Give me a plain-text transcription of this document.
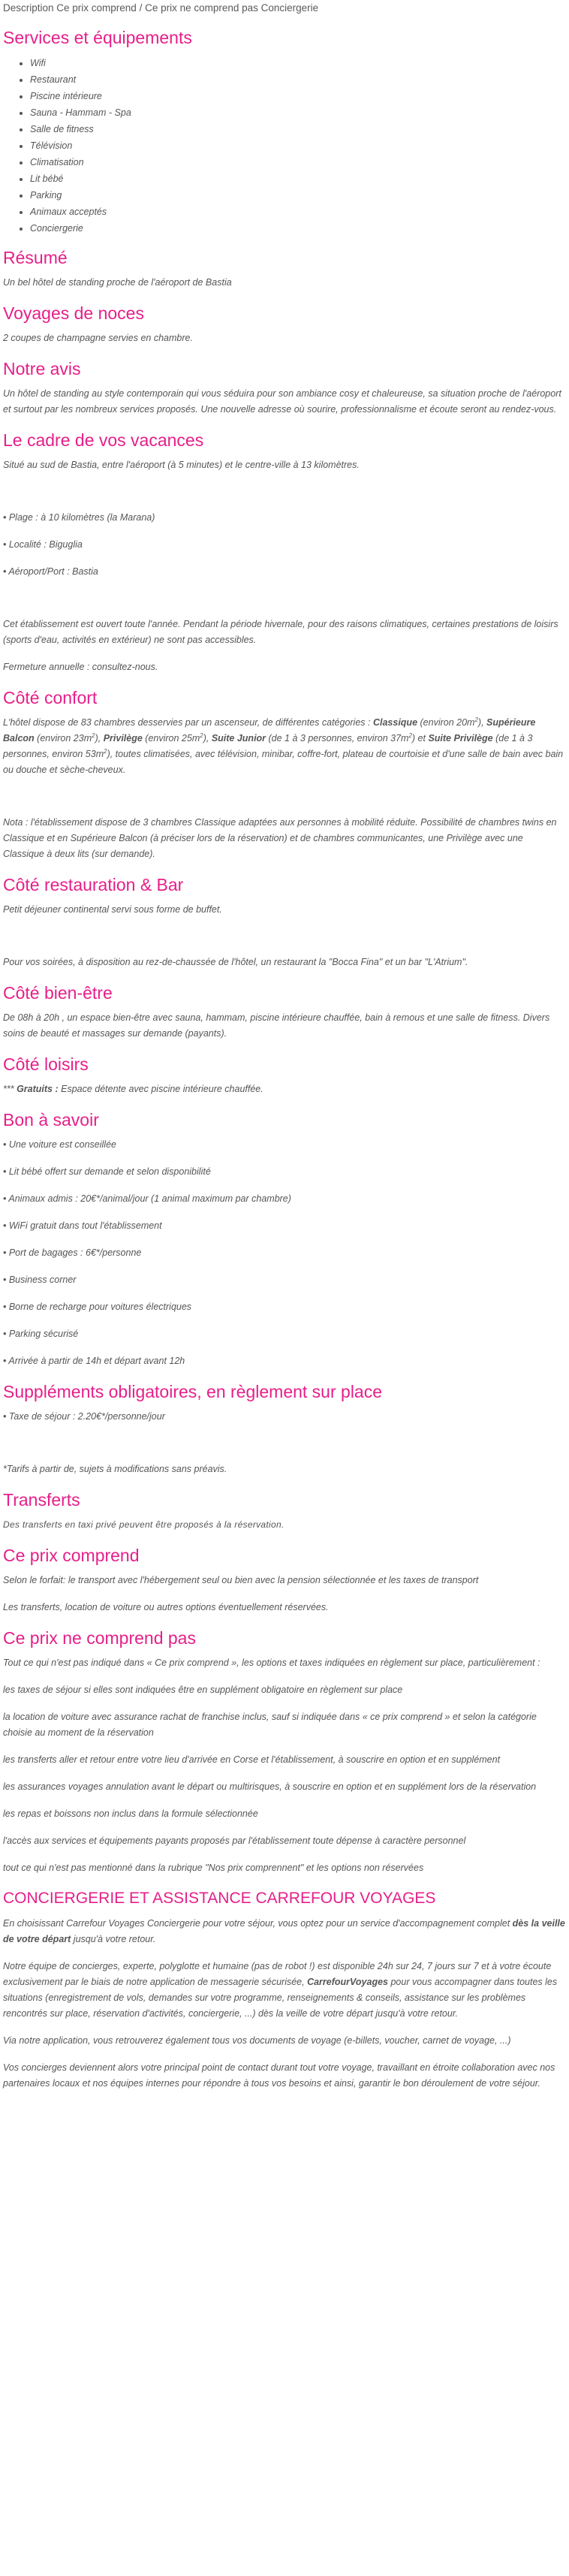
Description Ce prix comprend / Ce prix ne comprend pas Conciergerie
Services et équipements
• Wifi
• Restaurant
• Piscine intérieure
• Sauna - Hammam - Spa
• Salle de fitness
• Télévision
• Climatisation
• Lit bébé
• Parking
• Animaux acceptés
• Conciergerie
Résumé

Un bel hôtel de standing proche de l'aéroport de Bastia

Voyages de noces

2 coupes de champagne servies en chambre.

Notre avis

Un hôtel de standing au style contemporain qui vous séduira pour son ambiance cosy et chaleureuse, sa situation proche de l'aéroport et surtout par les nombreux services proposés. Une nouvelle adresse où sourire, professionnalisme et écoute seront au rendez-vous.

Le cadre de vos vacances

Situé au sud de Bastia, entre l'aéroport (à 5 minutes) et le centre-ville à 13 kilomètres.

• Plage : à 10 kilomètres (la Marana)

• Localité : Biguglia

• Aéroport/Port : Bastia

Cet établissement est ouvert toute l'année. Pendant la période hivernale, pour des raisons climatiques, certaines prestations de loisirs (sports d'eau, activités en extérieur) ne sont pas accessibles.

Fermeture annuelle : consultez-nous.

Côté confort

L'hôtel dispose de 83 chambres desservies par un ascenseur, de différentes catégories : Classique (environ $20m^2$), Supérieure Balcon (environ $23m^2$), Privilège (environ $25m^2$), Suite Junior (de 1 à 3 personnes, environ $37m^2$) et Suite Privilège (de 1 à 3 personnes, environ $53m^2$), toutes climatisées, avec télévision, minibar, coffre-fort, plateau de courtoisie et d'une salle de bain avec bain ou douche et sèche-cheveux.

Nota : l'établissement dispose de 3 chambres Classique adaptées aux personnes à mobilité réduite. Possibilité de chambres twins en Classique et en Supérieure Balcon (à préciser lors de la réservation) et de chambres communicantes, une Privilège avec une Classique à deux lits (sur demande).

Côté restauration & Bar

Petit déjeuner continental servi sous forme de buffet.

Pour vos soirées, à disposition au rez-de-chaussée de l'hôtel, un restaurant la "Bocca Fina" et un bar "L'Atrium".

Côté bien-être

De 08h à 20h , un espace bien-être avec sauna, hammam, piscine intérieure chauffée, bain à remous et une salle de fitness. Divers soins de beauté et massages sur demande (payants).

Côté loisirs

*** Gratuits : Espace détente avec piscine intérieure chauffée.

Bon à savoir

• Une voiture est conseillée

• Lit bébé offert sur demande et selon disponibilité

• Animaux admis : 20€*/animal/jour (1 animal maximum par chambre)

• WiFi gratuit dans tout l'établissement

• Port de bagages : 6€*/personne

• Business corner

• Borne de recharge pour voitures électriques

• Parking sécurisé

• Arrivée à partir de 14h et départ avant 12h

Suppléments obligatoires, en règlement sur place

• Taxe de séjour : 2.20€*/personne/jour

*Tarifs à partir de, sujets à modifications sans préavis.

Transferts

Des transferts en taxi privé peuvent être proposés à la réservation.

Ce prix comprend

Selon le forfait: le transport avec l'hébergement seul ou bien avec la pension sélectionnée et les taxes de transport

Les transferts, location de voiture ou autres options éventuellement réservées.

Ce prix ne comprend pas

Tout ce qui n'est pas indiqué dans « Ce prix comprend », les options et taxes indiquées en règlement sur place, particulièrement :

les taxes de séjour si elles sont indiquées être en supplément obligatoire en règlement sur place

la location de voiture avec assurance rachat de franchise inclus, sauf si indiquée dans « ce prix comprend » et selon la catégorie choisie au moment de la réservation

les transferts aller et retour entre votre lieu d'arrivée en Corse et l'établissement, à souscrire en option et en supplément

les assurances voyages annulation avant le départ ou multirisques, à souscrire en option et en supplément lors de la réservation

les repas et boissons non inclus dans la formule sélectionnée

l'accès aux services et équipements payants proposés par l'établissement toute dépense à caractère personnel

tout ce qui n'est pas mentionné dans la rubrique "Nos prix comprennent" et les options non réservées

CONCIERGERIE ET ASSISTANCE CARREFOUR VOYAGES

En choisissant Carrefour Voyages Conciergerie pour votre séjour, vous optez pour un service d'accompagnement complet dès la veille de votre départ jusqu'à votre retour.

Notre équipe de concierges, experte, polyglotte et humaine (pas de robot !) est disponible 24h sur 24, 7 jours sur 7 et à votre écoute exclusivement par le biais de notre application de messagerie sécurisée, CarrefourVoyages pour vous accompagner dans toutes les situations (enregistrement de vols, demandes sur votre programme, renseignements & conseils, assistance sur les problèmes rencontrés sur place, réservation d'activités, conciergerie, ...) dès la veille de votre départ jusqu'à votre retour.

Via notre application, vous retrouverez également tous vos documents de voyage (e-billets, voucher, carnet de voyage, ...)

Vos concierges deviennent alors votre principal point de contact durant tout votre voyage, travaillant en étroite collaboration avec nos partenaires locaux et nos équipes internes pour répondre à tous vos besoins et ainsi, garantir le bon déroulement de votre séjour.
